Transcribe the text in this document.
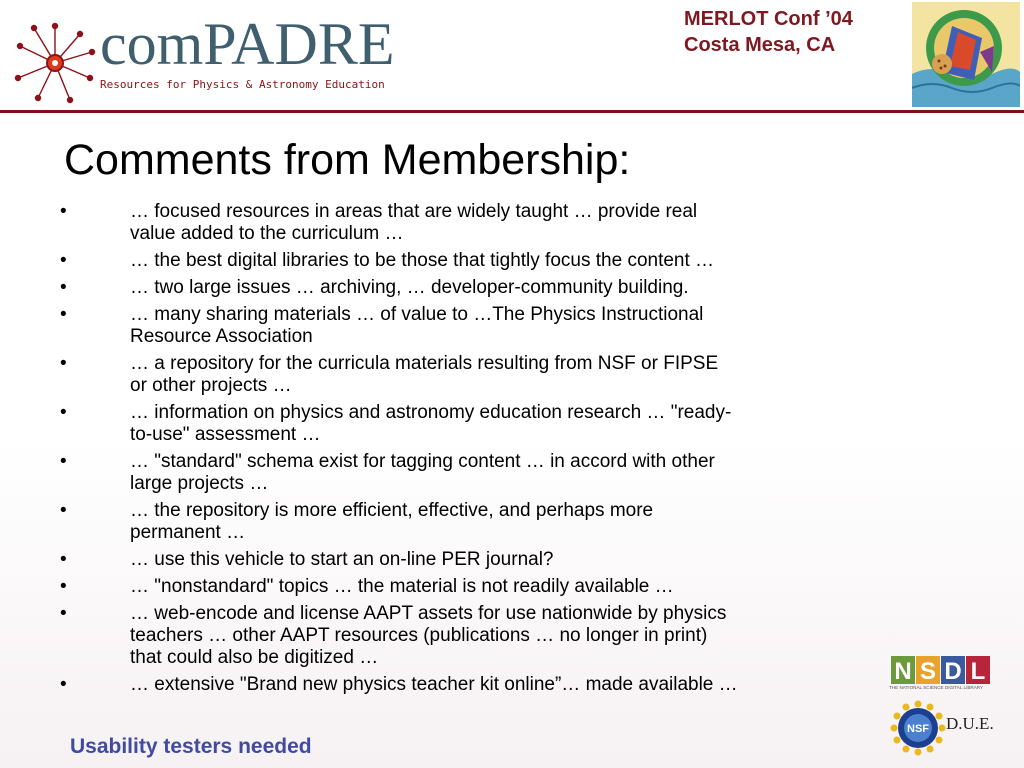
comPADRE
Resources for Physics & Astronomy Education
MERLOT Conf ’04
Costa Mesa, CA
Comments from Membership:
•	… focused resources in areas that are widely taught … provide real
value added to the curriculum …
•	… the best digital libraries to be those that tightly focus the content …
•	… two large issues … archiving, … developer-community building.
•	… many sharing materials … of value to …The Physics Instructional
Resource Association
•	… a repository for the curricula materials resulting from NSF or FIPSE
or other projects …
•	… information on physics and astronomy education research … "ready-
to-use" assessment …
•	… "standard" schema exist for tagging content … in accord with other
large projects …
•	… the repository is more efficient, effective, and perhaps more
permanent …
•	… use this vehicle to start an on-line PER journal?
•	… "nonstandard" topics … the material is not readily available …
•	… web-encode and license AAPT assets for use nationwide by physics
teachers … other AAPT resources (publications … no longer in print)
that could also be digitized …
•	… extensive "Brand new physics teacher kit online”… made available …
Usability testers needed
N S D L
THE NATIONAL SCIENCE DIGITAL LIBRARY
NSF D.U.E.
